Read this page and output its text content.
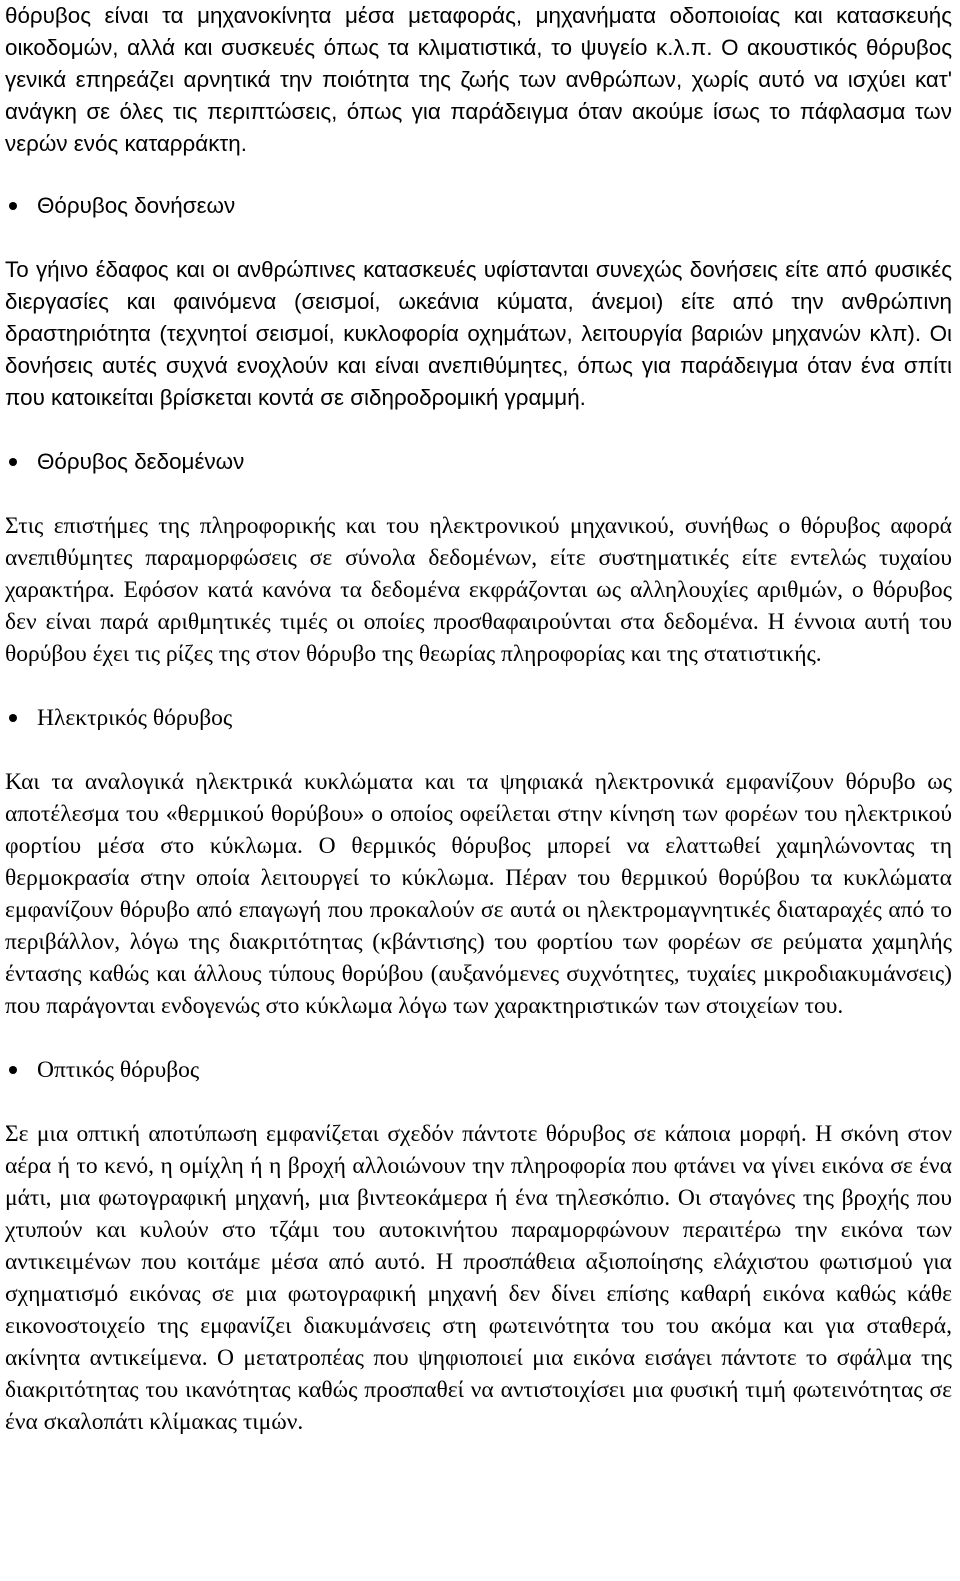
θόρυβος είναι τα μηχανοκίνητα μέσα μεταφοράς, μηχανήματα οδοποιοίας και κατασκευής οικοδομών, αλλά και συσκευές όπως τα κλιματιστικά, το ψυγείο κ.λ.π. Ο ακουστικός θόρυβος γενικά επηρεάζει αρνητικά την ποιότητα της ζωής των ανθρώπων, χωρίς αυτό να ισχύει κατ' ανάγκη σε όλες τις περιπτώσεις, όπως για παράδειγμα όταν ακούμε ίσως το πάφλασμα των νερών ενός καταρράκτη.

Θόρυβος δονήσεων

Το γήινο έδαφος και οι ανθρώπινες κατασκευές υφίστανται συνεχώς δονήσεις είτε από φυσικές διεργασίες και φαινόμενα (σεισμοί, ωκεάνια κύματα, άνεμοι) είτε από την ανθρώπινη δραστηριότητα (τεχνητοί σεισμοί, κυκλοφορία οχημάτων, λειτουργία βαριών μηχανών κλπ). Οι δονήσεις αυτές συχνά ενοχλούν και είναι ανεπιθύμητες, όπως για παράδειγμα όταν ένα σπίτι που κατοικείται βρίσκεται κοντά σε σιδηροδρομική γραμμή.

Θόρυβος δεδομένων

Στις επιστήμες της πληροφορικής και του ηλεκτρονικού μηχανικού, συνήθως ο θόρυβος αφορά ανεπιθύμητες παραμορφώσεις σε σύνολα δεδομένων, είτε συστηματικές είτε εντελώς τυχαίου χαρακτήρα. Εφόσον κατά κανόνα τα δεδομένα εκφράζονται ως αλληλουχίες αριθμών, ο θόρυβος δεν είναι παρά αριθμητικές τιμές οι οποίες προσθαφαιρούνται στα δεδομένα. Η έννοια αυτή του θορύβου έχει τις ρίζες της στον θόρυβο της θεωρίας πληροφορίας και της στατιστικής.

Ηλεκτρικός θόρυβος

Και τα αναλογικά ηλεκτρικά κυκλώματα και τα ψηφιακά ηλεκτρονικά εμφανίζουν θόρυβο ως αποτέλεσμα του «θερμικού θορύβου» ο οποίος οφείλεται στην κίνηση των φορέων του ηλεκτρικού φορτίου μέσα στο κύκλωμα. Ο θερμικός θόρυβος μπορεί να ελαττωθεί χαμηλώνοντας τη θερμοκρασία στην οποία λειτουργεί το κύκλωμα. Πέραν του θερμικού θορύβου τα κυκλώματα εμφανίζουν θόρυβο από επαγωγή που προκαλούν σε αυτά οι ηλεκτρομαγνητικές διαταραχές από το περιβάλλον, λόγω της διακριτότητας (κβάντισης) του φορτίου των φορέων σε ρεύματα χαμηλής έντασης καθώς και άλλους τύπους θορύβου (αυξανόμενες συχνότητες, τυχαίες μικροδιακυμάνσεις) που παράγονται ενδογενώς στο κύκλωμα λόγω των χαρακτηριστικών των στοιχείων του.

Οπτικός θόρυβος

Σε μια οπτική αποτύπωση εμφανίζεται σχεδόν πάντοτε θόρυβος σε κάποια μορφή. Η σκόνη στον αέρα ή το κενό, η ομίχλη ή η βροχή αλλοιώνουν την πληροφορία που φτάνει να γίνει εικόνα σε ένα μάτι, μια φωτογραφική μηχανή, μια βιντεοκάμερα ή ένα τηλεσκόπιο. Οι σταγόνες της βροχής που χτυπούν και κυλούν στο τζάμι του αυτοκινήτου παραμορφώνουν περαιτέρω την εικόνα των αντικειμένων που κοιτάμε μέσα από αυτό. Η προσπάθεια αξιοποίησης ελάχιστου φωτισμού για σχηματισμό εικόνας σε μια φωτογραφική μηχανή δεν δίνει επίσης καθαρή εικόνα καθώς κάθε εικονοστοιχείο της εμφανίζει διακυμάνσεις στη φωτεινότητα του του ακόμα και για σταθερά, ακίνητα αντικείμενα. Ο μετατροπέας που ψηφιοποιεί μια εικόνα εισάγει πάντοτε το σφάλμα της διακριτότητας του ικανότητας καθώς προσπαθεί να αντιστοιχίσει μια φυσική τιμή φωτεινότητας σε ένα σκαλοπάτι κλίμακας τιμών.
